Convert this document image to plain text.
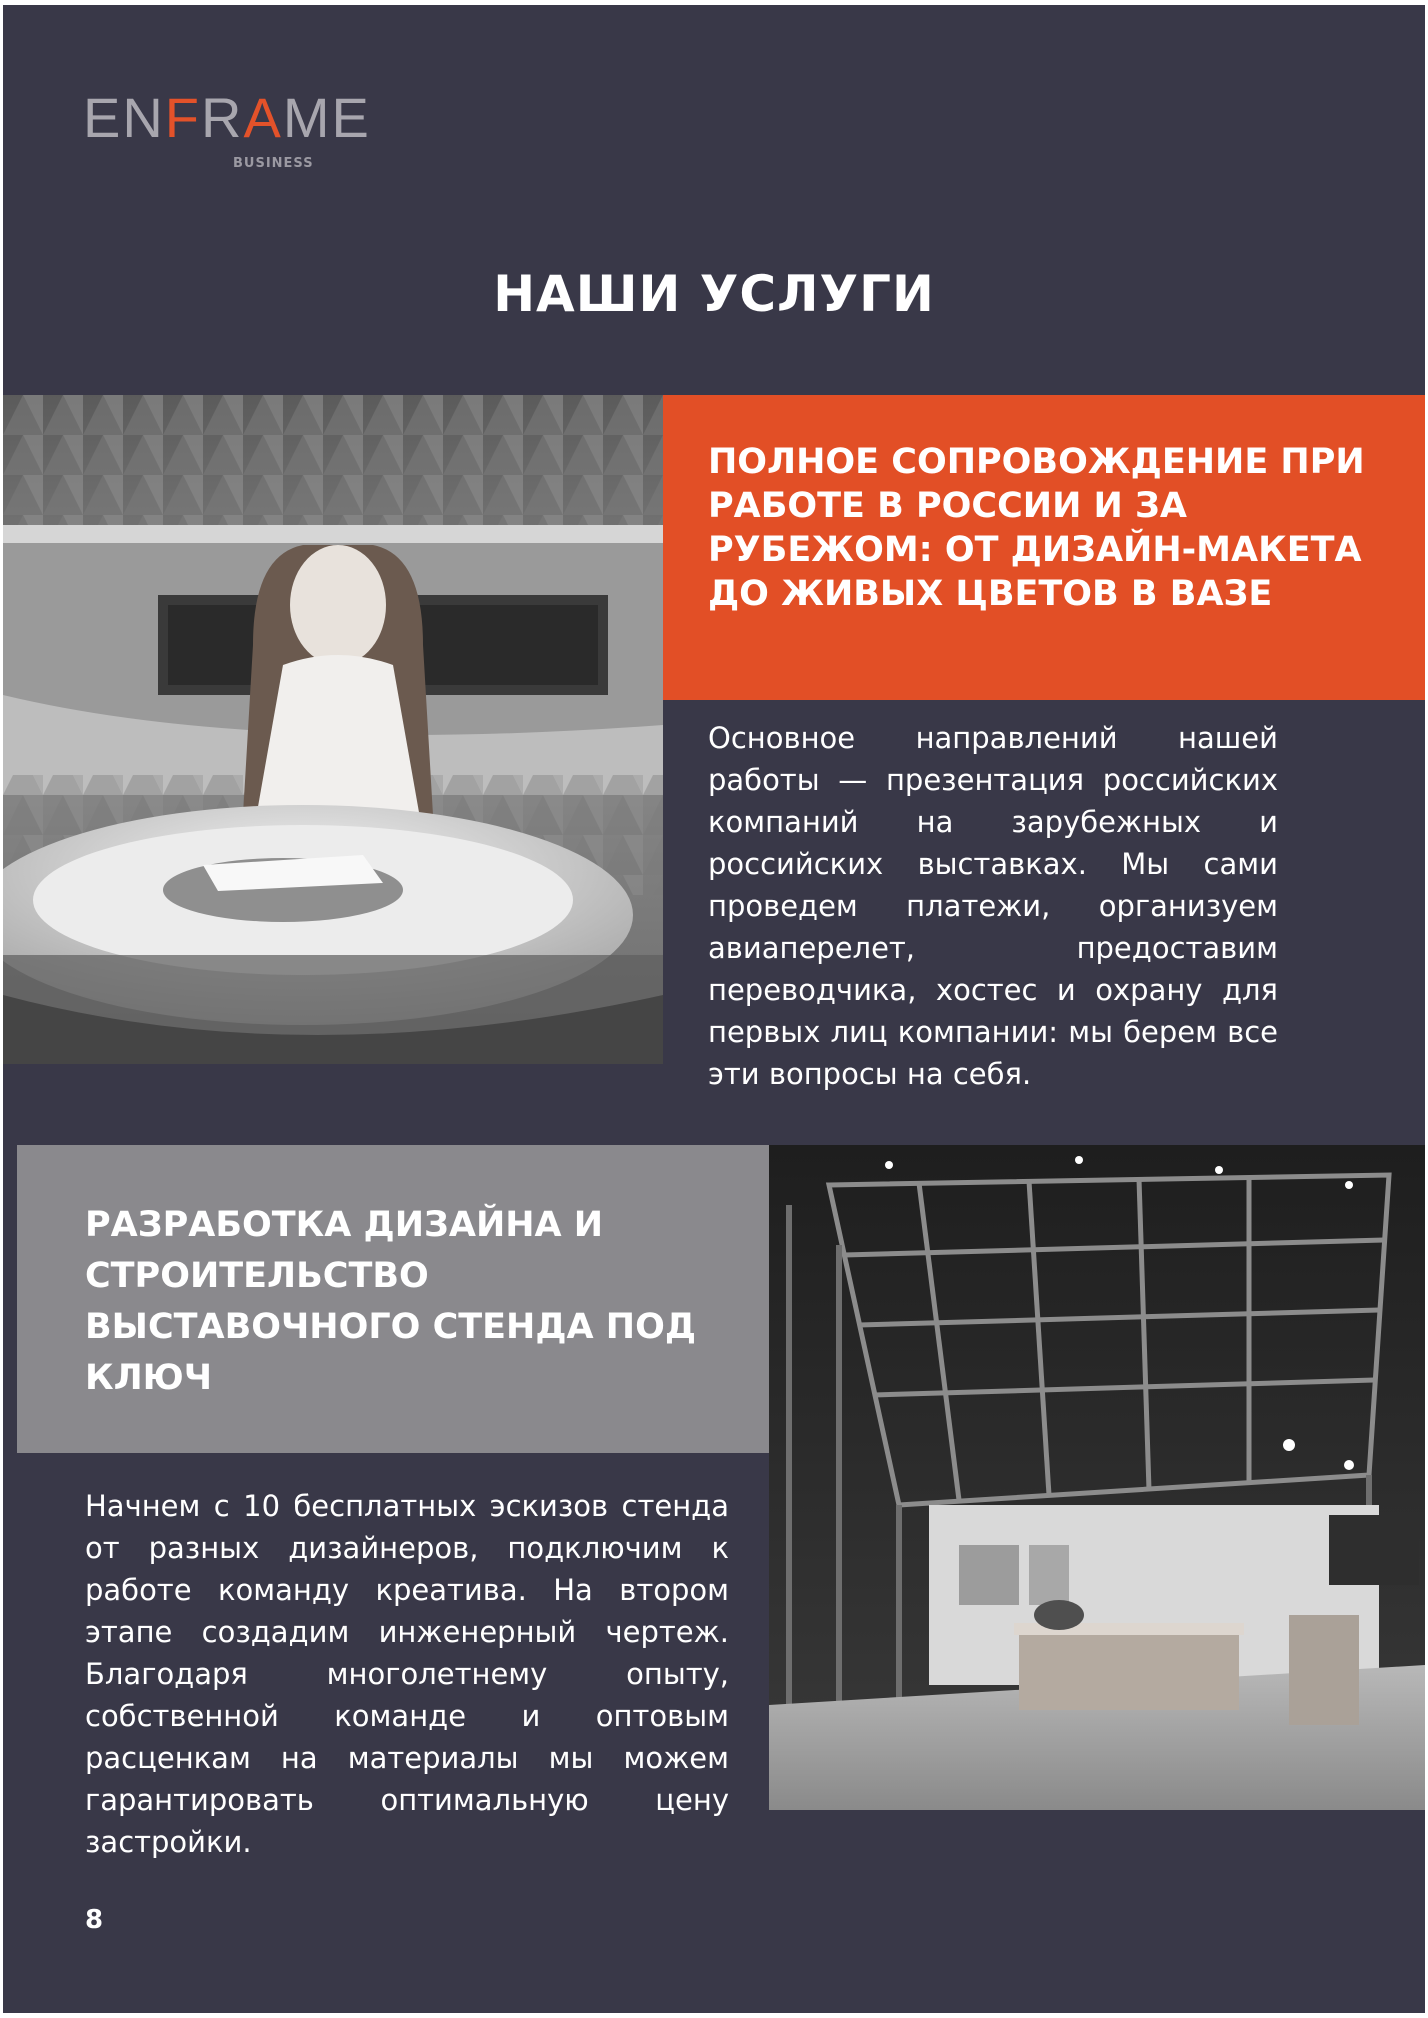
ENFRAME
BUSINESS
НАШИ УСЛУГИ
ПОЛНОЕ СОПРОВОЖДЕНИЕ ПРИ РАБОТЕ В РОССИИ И ЗА РУБЕЖОМ: ОТ ДИЗАЙН-МАКЕТА ДО ЖИВЫХ ЦВЕТОВ В ВАЗЕ

Основное направлений нашей работы — презентация российских компаний на зарубежных и российских выставках. Мы сами проведем платежи, организуем авиаперелет, предоставим переводчика, хостес и охрану для первых лиц компании: мы берем все эти вопросы на себя.

РАЗРАБОТКА ДИЗАЙНА И СТРОИТЕЛЬСТВО ВЫСТАВОЧНОГО СТЕНДА ПОД КЛЮЧ

Начнем с 10 бесплатных эскизов стенда от разных дизайнеров, подключим к работе команду креатива. На втором этапе создадим инженерный чертеж. Благодаря многолетнему опыту, собственной команде и оптовым расценкам на материалы мы можем гарантировать оптимальную цену застройки.

8
